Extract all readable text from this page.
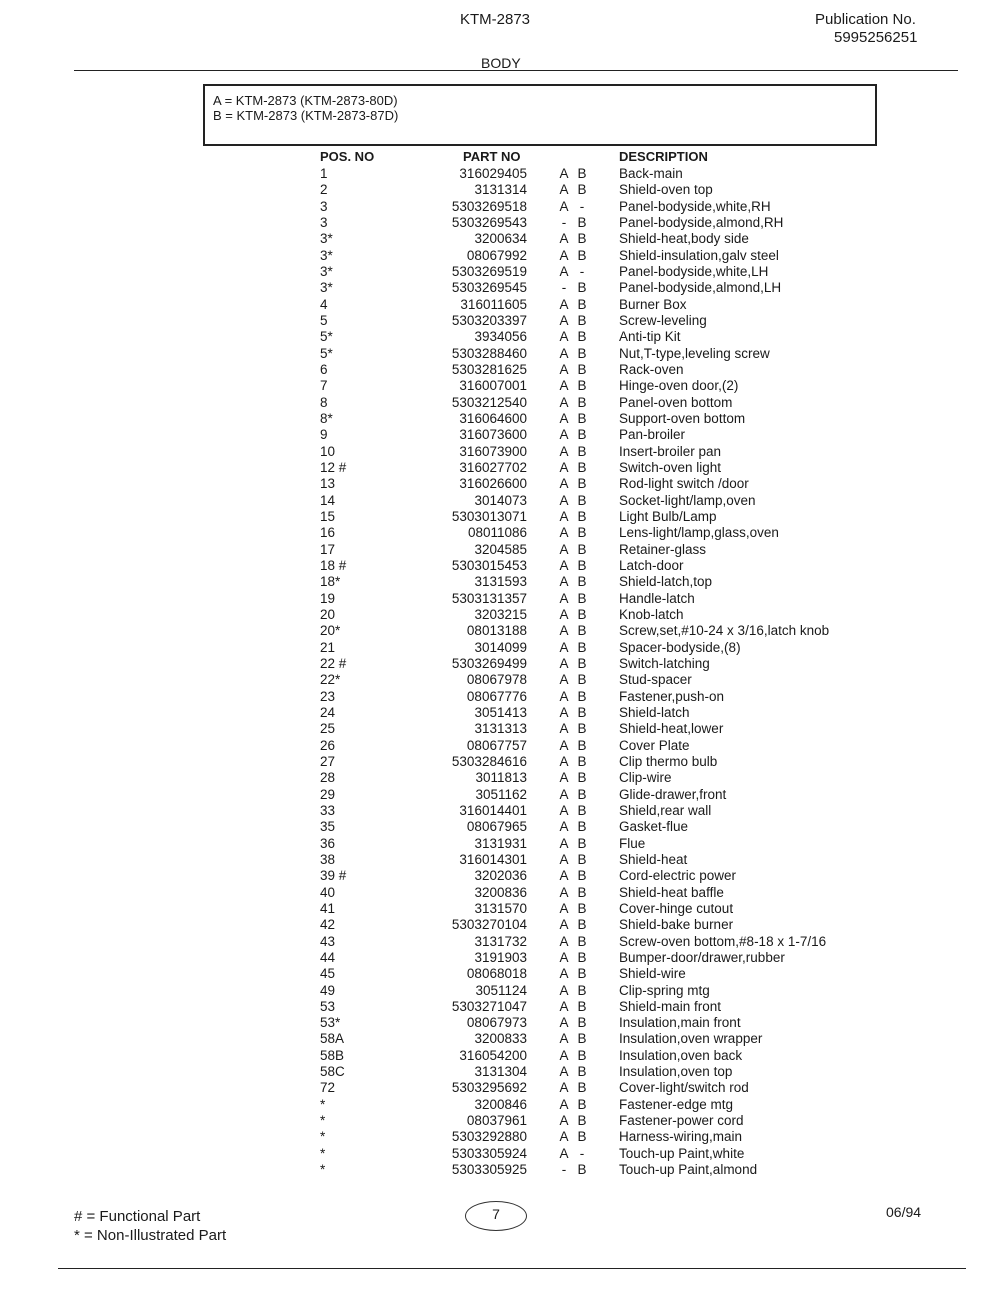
KTM-2873	Publication No.
5995256251
BODY
A = KTM-2873 (KTM-2873-80D)
B = KTM-2873 (KTM-2873-87D)
POS. NO	PART NO	DESCRIPTION
1	316029405 A B Back-main
2	3131314 A B Shield-oven top
3	5303269518 A -	Panel-bodyside,white,RH
3	5303269543	- B Panel-bodyside,almond,RH
3*	3200634 A B Shield-heat,body side
3*	08067992 A B Shield-insulation,galv steel
3*	5303269519 A -	Panel-bodyside,white,LH
3*	5303269545	- B Panel-bodyside,almond,LH
4	316011605 A B Burner Box
5	5303203397 A B Screw-leveling
5*	3934056 A B Anti-tip Kit
5*	5303288460 A B Nut,T-type,leveling screw
6	5303281625 A B Rack-oven
7	316007001 A B Hinge-oven door,(2)
8	5303212540 A B Panel-oven bottom
8*	316064600 A B Support-oven bottom
9	316073600 A B Pan-broiler
10	316073900 A B Insert-broiler pan
12 #	316027702 A B Switch-oven light
13	316026600 A B Rod-light switch /door
14	3014073 A B Socket-light/lamp,oven
15	5303013071 A B Light Bulb/Lamp
16	08011086 A B Lens-light/lamp,glass,oven
17	3204585 A B Retainer-glass
18 #	5303015453 A B Latch-door
18*	3131593 A B Shield-latch,top
19	5303131357 A B Handle-latch
20	3203215 A B Knob-latch
20*	08013188 A B Screw,set,#10-24 x 3/16,latch knob
21	3014099 A B Spacer-bodyside,(8)
22 #	5303269499 A B Switch-latching
22*	08067978 A B Stud-spacer
23	08067776 A B Fastener,push-on
24	3051413 A B Shield-latch
25	3131313 A B Shield-heat,lower
26	08067757 A B Cover Plate
27	5303284616 A B Clip thermo bulb
28	3011813 A B Clip-wire
29	3051162 A B Glide-drawer,front
33	316014401 A B Shield,rear wall
35	08067965 A B Gasket-flue
36	3131931 A B Flue
38	316014301 A B Shield-heat
39 #	3202036 A B Cord-electric power
40	3200836 A B Shield-heat baffle
41	3131570 A B Cover-hinge cutout
42	5303270104 A B Shield-bake burner
43	3131732 A B Screw-oven bottom,#8-18 x 1-7/16
44	3191903 A B Bumper-door/drawer,rubber
45	08068018 A B Shield-wire
49	3051124 A B Clip-spring mtg
53	5303271047 A B Shield-main front
53*	08067973 A B Insulation,main front
58A	3200833 A B Insulation,oven wrapper
58B	316054200 A B Insulation,oven back
58C	3131304 A B Insulation,oven top
72	5303295692 A B Cover-light/switch rod
*	3200846 A B Fastener-edge mtg
*	08037961 A B Fastener-power cord
*	5303292880 A B Harness-wiring,main
*	5303305924 A -	Touch-up Paint,white
*	5303305925	- B Touch-up Paint,almond
# = Functional Part
* = Non-Illustrated Part
7	06/94
